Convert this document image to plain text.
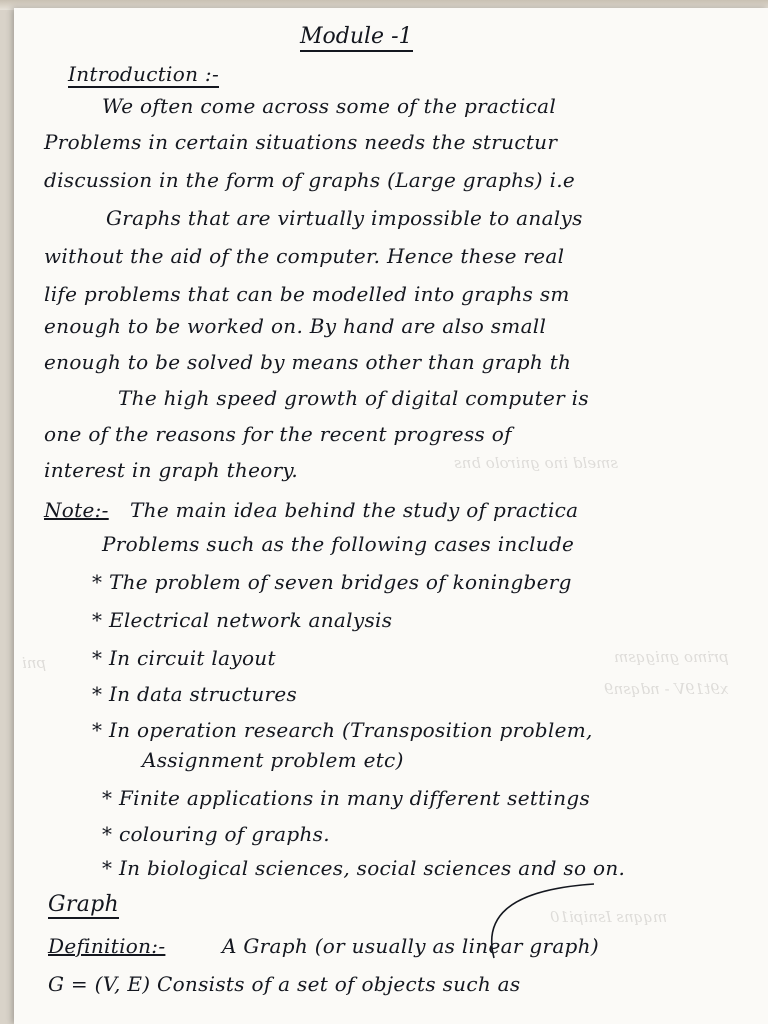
smeld ino gnirolo bns
primo gnigqsm
x9t19V - ndqsn9
pni
mqqns Isnipi10
Module -1
Introduction :-
We often come across some of the practical
Problems in certain situations needs the structur
discussion in the form of graphs (Large graphs) i.e
Graphs that are virtually impossible to analys
without the aid of the computer. Hence these real
life problems that can be modelled into graphs sm
enough to be worked on. By hand are also small
enough to be solved by means other than graph th
The high speed growth of digital computer is
one of the reasons for the recent progress of
interest in graph theory.
Note:- The main idea behind the study of practica
Problems such as the following cases include
* The problem of seven bridges of koningberg
* Electrical network analysis
* In circuit layout
* In data structures
* In operation research (Transposition problem,
Assignment problem etc)
* Finite applications in many different settings
* colouring of graphs.
* In biological sciences, social sciences and so on.
Graph
Definition:-	A Graph (or usually as linear graph)
G = (V, E) Consists of a set of objects such as
